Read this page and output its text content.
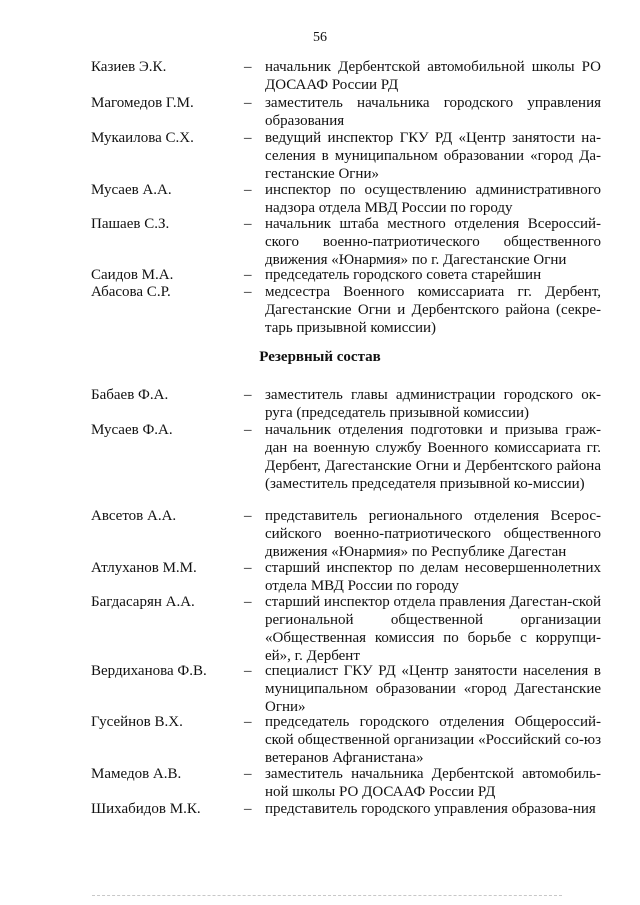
56
Казиев Э.К.	– начальник Дербентской автомобильной школы РО ДОСААФ России РД
Магомедов Г.М.	– заместитель начальника городского управления образования
Мукаилова С.Х.	– ведущий инспектор ГКУ РД «Центр занятости на-селения в муниципальном образовании «город Да-гестанские Огни»
Мусаев А.А.	– инспектор по осуществлению административного надзора отдела МВД России по городу
Пашаев С.З.	– начальник штаба местного отделения Всероссий-ского военно-патриотического общественного движения «Юнармия» по г. Дагестанские Огни
Саидов М.А.	– председатель городского совета старейшин
Абасова С.Р.	– медсестра Военного комиссариата гг. Дербент, Дагестанские Огни и Дербентского района (секре-тарь призывной комиссии)
Резервный состав
Бабаев Ф.А.	– заместитель главы администрации городского ок-руга (председатель призывной комиссии)
Мусаев Ф.А.	– начальник отделения подготовки и призыва граж-дан на военную службу Военного комиссариата гг. Дербент, Дагестанские Огни и Дербентского района (заместитель председателя призывной ко-миссии)
Авсетов А.А.	– представитель регионального отделения Всерос-сийского военно-патриотического общественного движения «Юнармия» по Республике Дагестан
Атлуханов М.М.	– старший инспектор по делам несовершеннолетних отдела МВД России по городу
Багдасарян А.А.	– старший инспектор отдела правления Дагестан-ской региональной общественной организации «Общественная комиссия по борьбе с коррупци-ей», г. Дербент
Вердиханова Ф.В. – специалист ГКУ РД «Центр занятости населения в муниципальном образовании «город Дагестанские Огни»
Гусейнов В.Х.	– председатель городского отделения Общероссий-ской общественной организации «Российский со-юз ветеранов Афганистана»
Мамедов А.В.	– заместитель начальника Дербентской автомобиль-ной школы РО ДОСААФ России РД
Шихабидов М.К.	– представитель городского управления образова-ния
